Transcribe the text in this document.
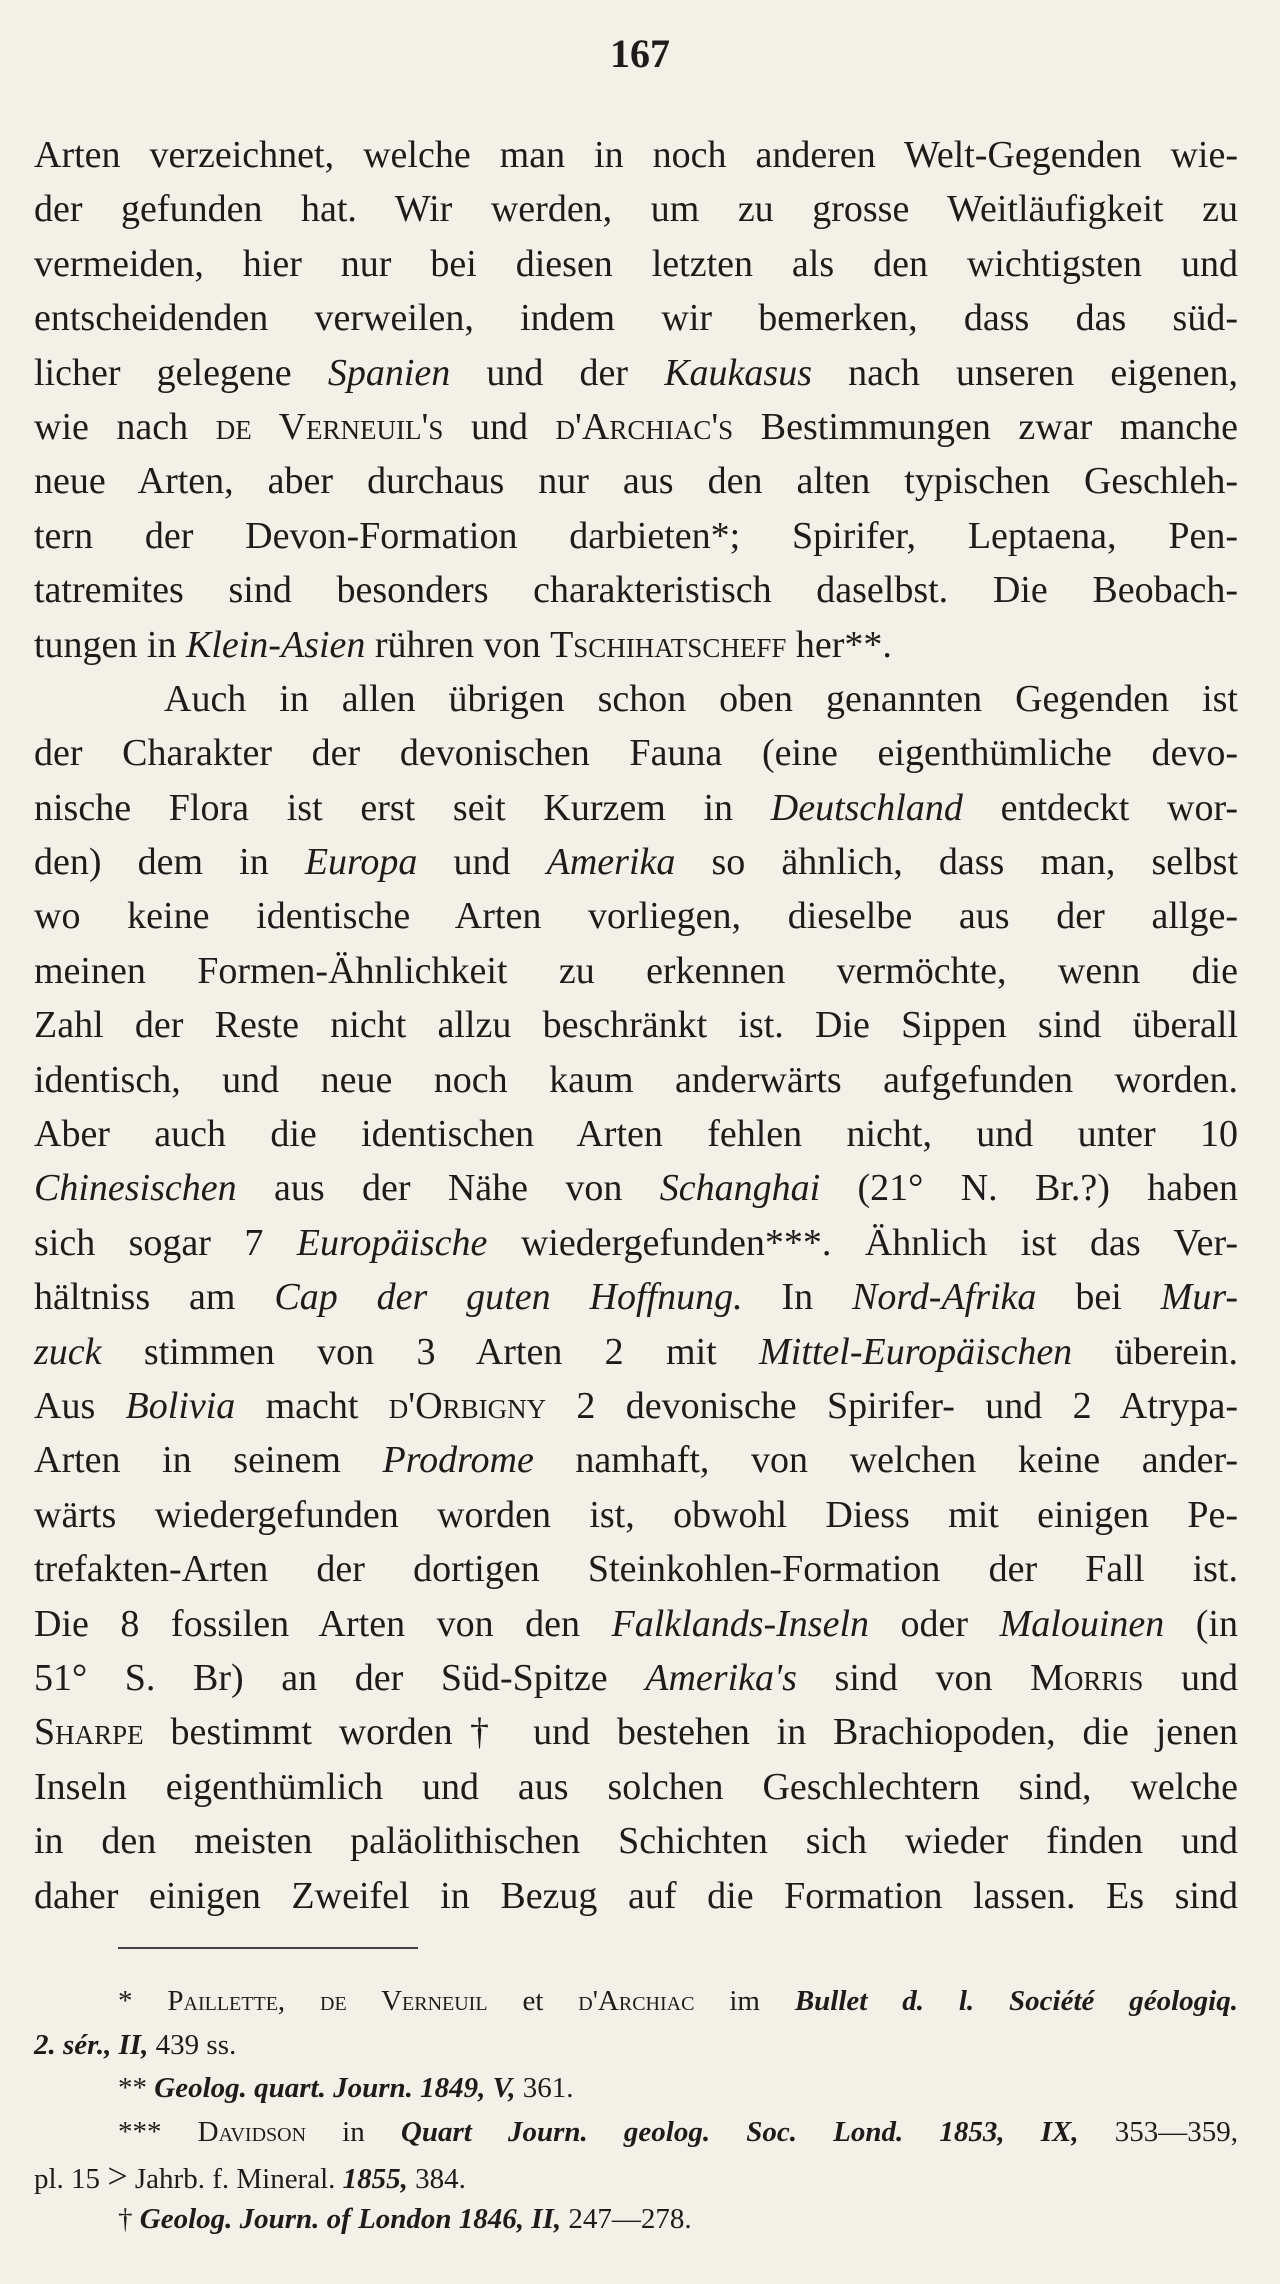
167
Arten verzeichnet, welche man in noch anderen Welt-Gegenden wie-
der gefunden hat. Wir werden, um zu grosse Weitläufigkeit zu
vermeiden, hier nur bei diesen letzten als den wichtigsten und
entscheidenden verweilen, indem wir bemerken, dass das süd-
licher gelegene Spanien und der Kaukasus nach unseren eigenen,
wie nach de Verneuil's und d'Archiac's Bestimmungen zwar manche
neue Arten, aber durchaus nur aus den alten typischen Geschleh-
tern der Devon-Formation darbieten*; Spirifer, Leptaena, Pen-
tatremites sind besonders charakteristisch daselbst. Die Beobach-
tungen in Klein-Asien rühren von Tschihatscheff her**.
Auch in allen übrigen schon oben genannten Gegenden ist
der Charakter der devonischen Fauna (eine eigenthümliche devo-
nische Flora ist erst seit Kurzem in Deutschland entdeckt wor-
den) dem in Europa und Amerika so ähnlich, dass man, selbst
wo keine identische Arten vorliegen, dieselbe aus der allge-
meinen Formen-Ähnlichkeit zu erkennen vermöchte, wenn die
Zahl der Reste nicht allzu beschränkt ist. Die Sippen sind überall
identisch, und neue noch kaum anderwärts aufgefunden worden.
Aber auch die identischen Arten fehlen nicht, und unter 10
Chinesischen aus der Nähe von Schanghai (21° N. Br.?) haben
sich sogar 7 Europäische wiedergefunden***. Ähnlich ist das Ver-
hältniss am Cap der guten Hoffnung. In Nord-Afrika bei Mur-
zuck stimmen von 3 Arten 2 mit Mittel-Europäischen überein.
Aus Bolivia macht d'Orbigny 2 devonische Spirifer- und 2 Atrypa-
Arten in seinem Prodrome namhaft, von welchen keine ander-
wärts wiedergefunden worden ist, obwohl Diess mit einigen Pe-
trefakten-Arten der dortigen Steinkohlen-Formation der Fall ist.
Die 8 fossilen Arten von den Falklands-Inseln oder Malouinen (in
51° S. Br) an der Süd-Spitze Amerika's sind von Morris und
Sharpe bestimmt worden† und bestehen in Brachiopoden, die jenen
Inseln eigenthümlich und aus solchen Geschlechtern sind, welche
in den meisten paläolithischen Schichten sich wieder finden und
daher einigen Zweifel in Bezug auf die Formation lassen. Es sind
* Paillette, de Verneuil et d'Archiac im Bullet d. l. Société géologiq.
2. sér., II, 439 ss.
** Geolog. quart. Journ. 1849, V, 361.
*** Davidson in Quart Journ. geolog. Soc. Lond. 1853, IX, 353—359,
pl. 15 > Jahrb. f. Mineral. 1855, 384.
† Geolog. Journ. of London 1846, II, 247—278.
